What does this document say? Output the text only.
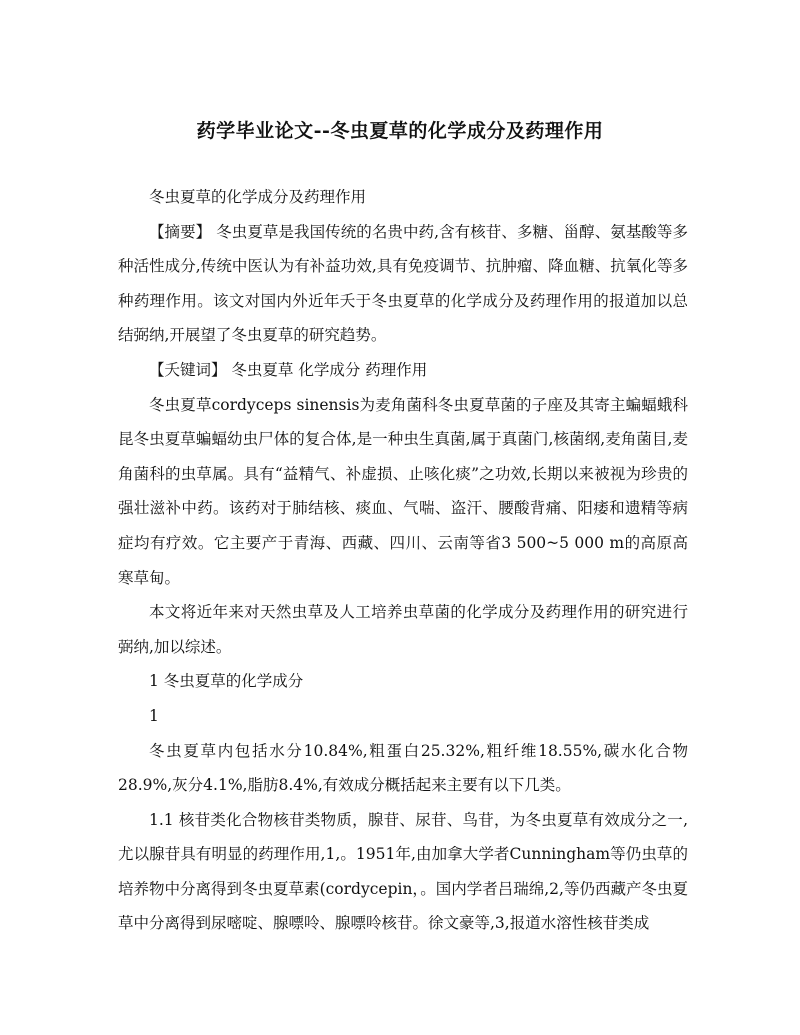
药学毕业论文--冬虫夏草的化学成分及药理作用

冬虫夏草的化学成分及药理作用

【摘要】 冬虫夏草是我国传统的名贵中药,含有核苷、多糖、甾醇、氨基酸等多种活性成分,传统中医认为有补益功效,具有免疫调节、抗肿瘤、降血糖、抗氧化等多种药理作用。该文对国内外近年夭于冬虫夏草的化学成分及药理作用的报道加以总结弼纳,开展望了冬虫夏草的研究趋势。

【夭键词】 冬虫夏草 化学成分 药理作用

冬虫夏草cordyceps sinensis为麦角菌科冬虫夏草菌的子座及其寄主蝙蝠蛾科昆冬虫夏草蝙蝠幼虫尸体的复合体,是一种虫生真菌,属于真菌门,核菌纲,麦角菌目,麦角菌科的虫草属。具有“益精气、补虚损、止咳化痰”之功效,长期以来被视为珍贵的强壮滋补中药。该药对于肺结核、痰血、气喘、盗汗、腰酸背痛、阳痿和遗精等病症均有疗效。它主要产于青海、西藏、四川、云南等省3 500~5 000 m的高原高寒草甸。

本文将近年来对天然虫草及人工培养虫草菌的化学成分及药理作用的研究进行弼纳,加以综述。

1 冬虫夏草的化学成分

1

冬虫夏草内包括水分10.84%,粗蛋白25.32%,粗纤维18.55%,碳水化合物28.9%,灰分4.1%,脂肪8.4%,有效成分概括起来主要有以下几类。

1.1 核苷类化合物核苷类物质，腺苷、尿苷、鸟苷，为冬虫夏草有效成分之一,尤以腺苷具有明显的药理作用,1,。1951年,由加拿大学者Cunningham等仍虫草的培养物中分离得到冬虫夏草素(cordycepin，。国内学者吕瑞绵,2,等仍西藏产冬虫夏草中分离得到尿嘧啶、腺嘌呤、腺嘌呤核苷。徐文豪等,3,报道水溶性核苷类成
